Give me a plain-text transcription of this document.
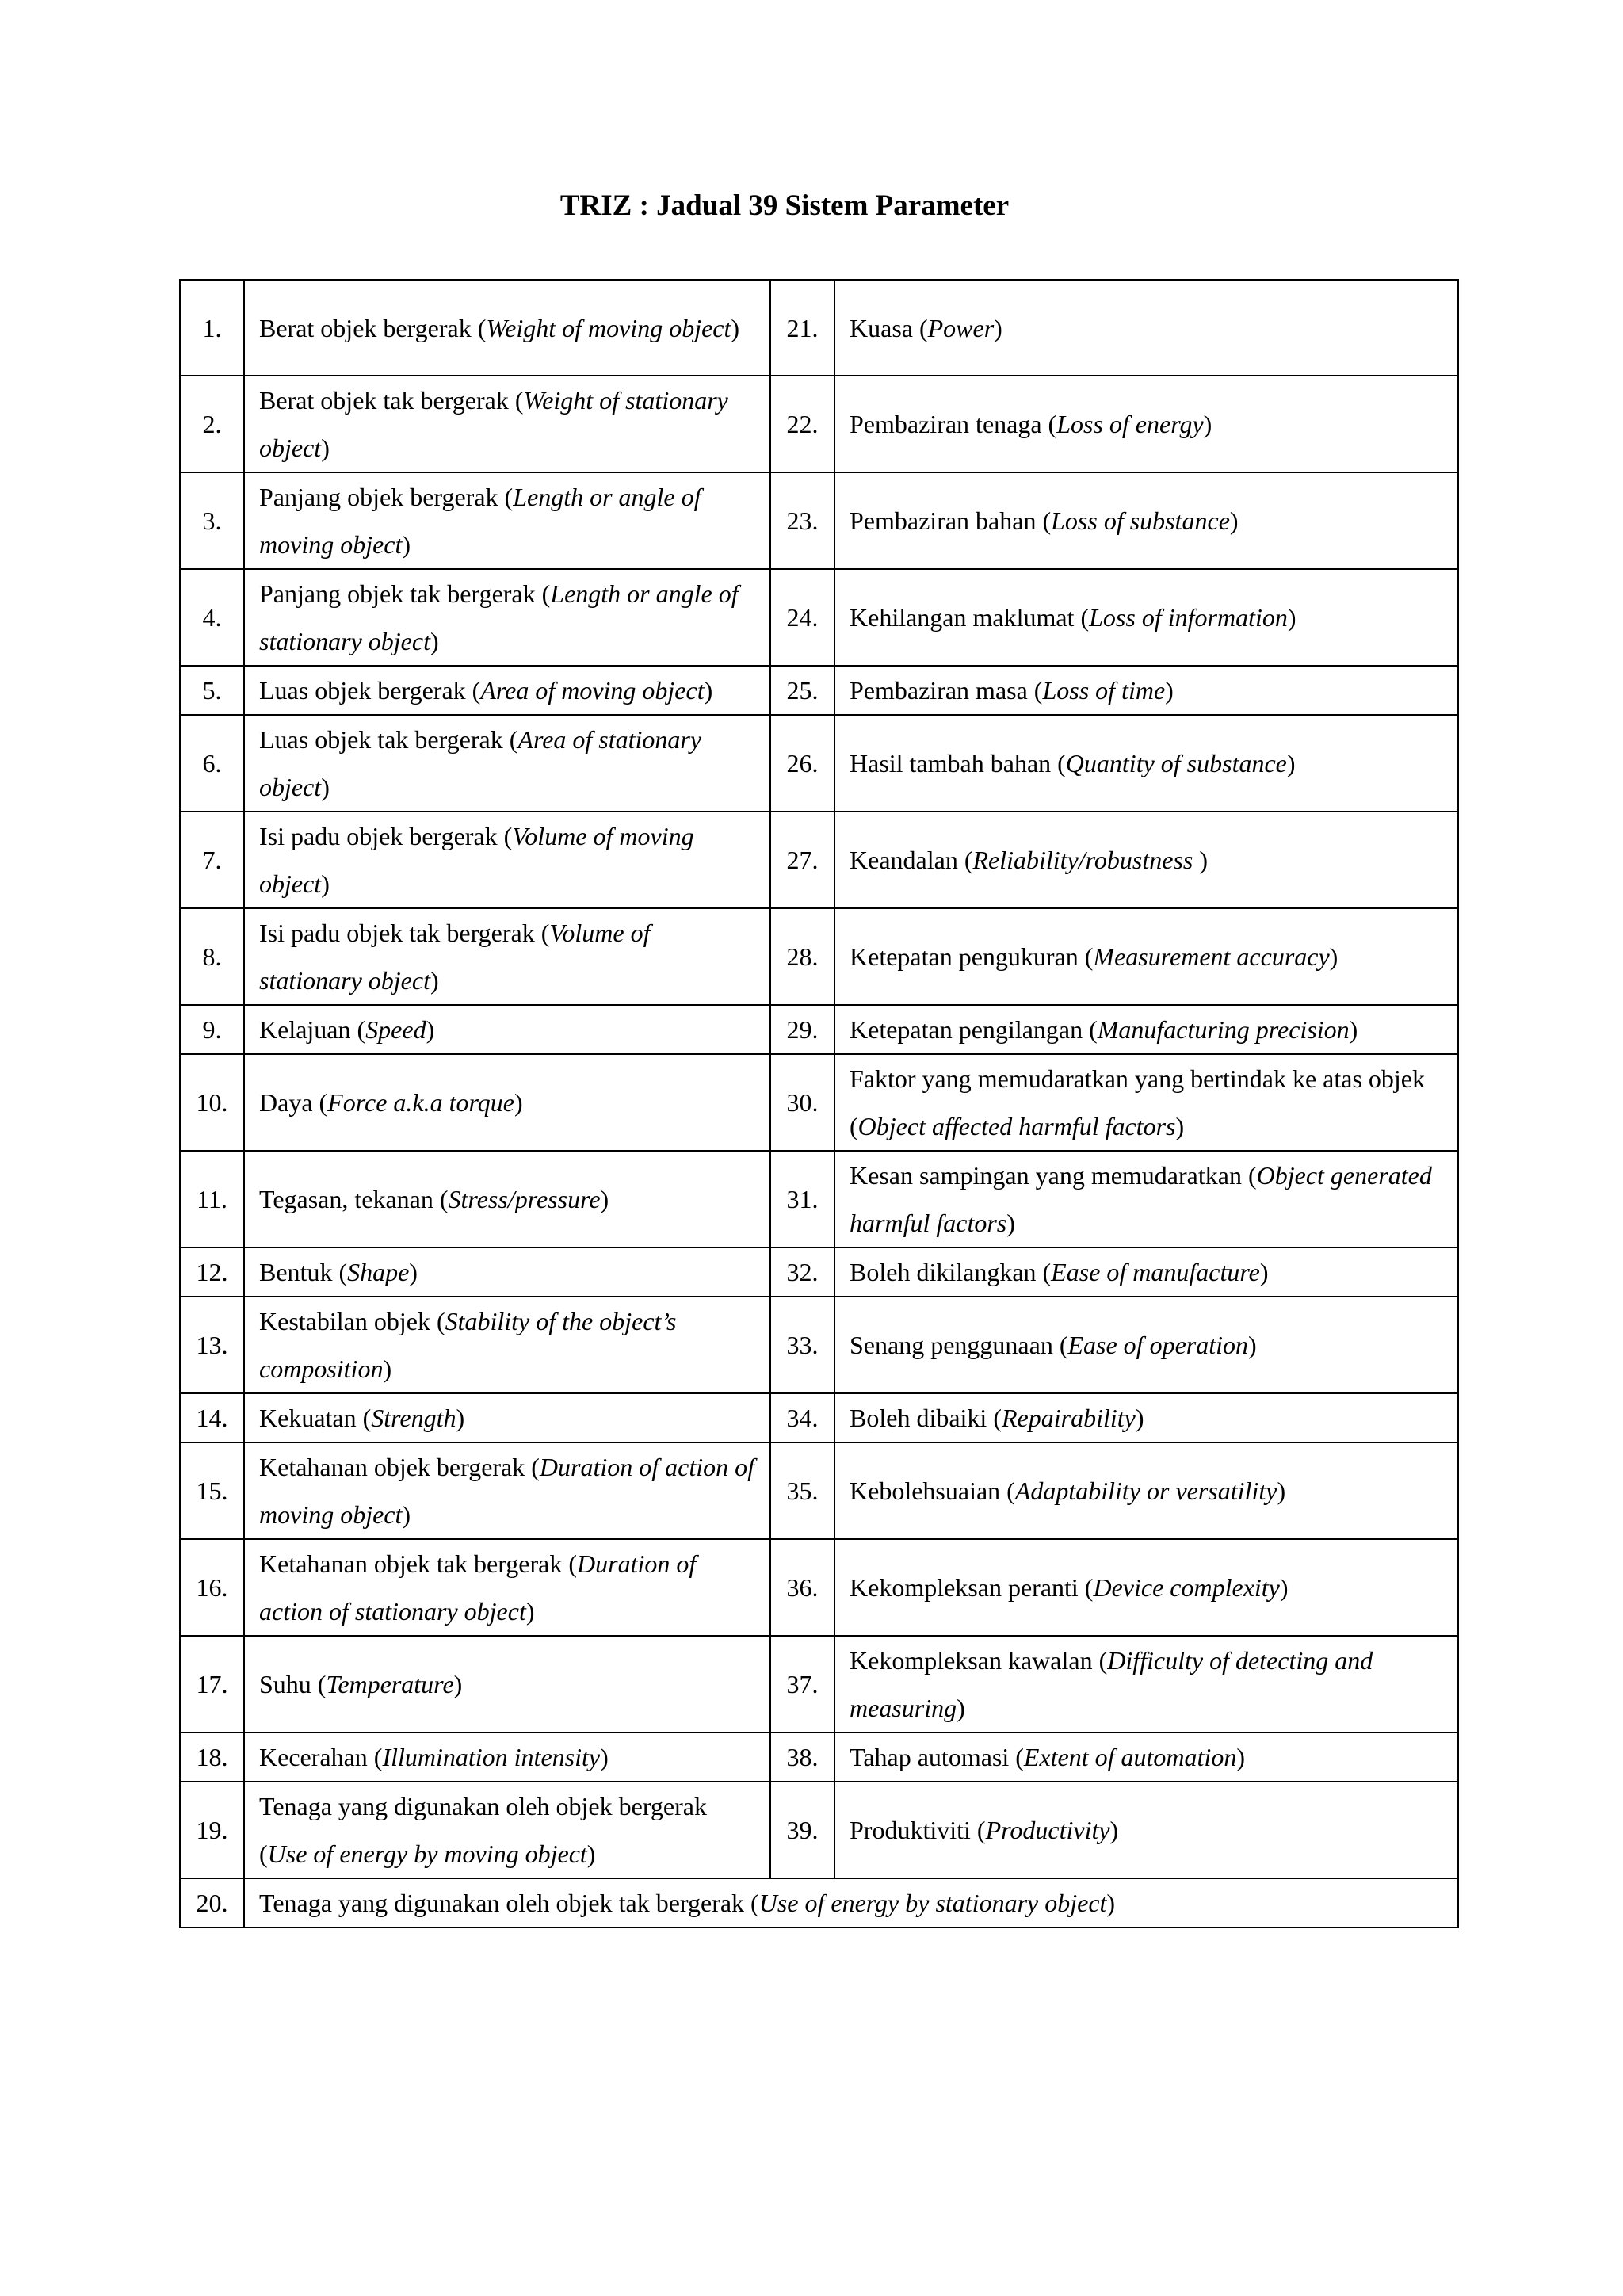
TRIZ : Jadual 39 Sistem Parameter
1.	Berat objek bergerak (Weight of moving object)	21.	Kuasa (Power)
2.	Berat objek tak bergerak (Weight of stationary object)	22.	Pembaziran tenaga (Loss of energy)
3.	Panjang objek bergerak (Length or angle of moving object)	23.	Pembaziran bahan (Loss of substance)
4.	Panjang objek tak bergerak (Length or angle of stationary object)	24.	Kehilangan maklumat (Loss of information)
5.	Luas objek bergerak (Area of moving object)	25.	Pembaziran masa (Loss of time)
6.	Luas objek tak bergerak (Area of stationary object)	26.	Hasil tambah bahan (Quantity of substance)
7.	Isi padu objek bergerak (Volume of moving object)	27.	Keandalan (Reliability/robustness )
8.	Isi padu objek tak bergerak (Volume of stationary object)	28.	Ketepatan pengukuran (Measurement accuracy)
9.	Kelajuan (Speed)	29.	Ketepatan pengilangan (Manufacturing precision)
10.	Daya (Force a.k.a torque)	30.	Faktor yang memudaratkan yang bertindak ke atas objek (Object affected harmful factors)
11.	Tegasan, tekanan (Stress/pressure)	31.	Kesan sampingan yang memudaratkan (Object generated harmful factors)
12.	Bentuk (Shape)	32.	Boleh dikilangkan (Ease of manufacture)
13.	Kestabilan objek (Stability of the object’s composition)	33.	Senang penggunaan (Ease of operation)
14.	Kekuatan (Strength)	34.	Boleh dibaiki (Repairability)
15.	Ketahanan objek bergerak (Duration of action of moving object)	35.	Kebolehsuaian (Adaptability or versatility)
16.	Ketahanan objek tak bergerak (Duration of action of stationary object)	36.	Kekompleksan peranti (Device complexity)
17.	Suhu (Temperature)	37.	Kekompleksan kawalan (Difficulty of detecting and measuring)
18.	Kecerahan (Illumination intensity)	38.	Tahap automasi (Extent of automation)
19.	Tenaga yang digunakan oleh objek bergerak (Use of energy by moving object)	39.	Produktiviti (Productivity)
20.	Tenaga yang digunakan oleh objek tak bergerak (Use of energy by stationary object)		
